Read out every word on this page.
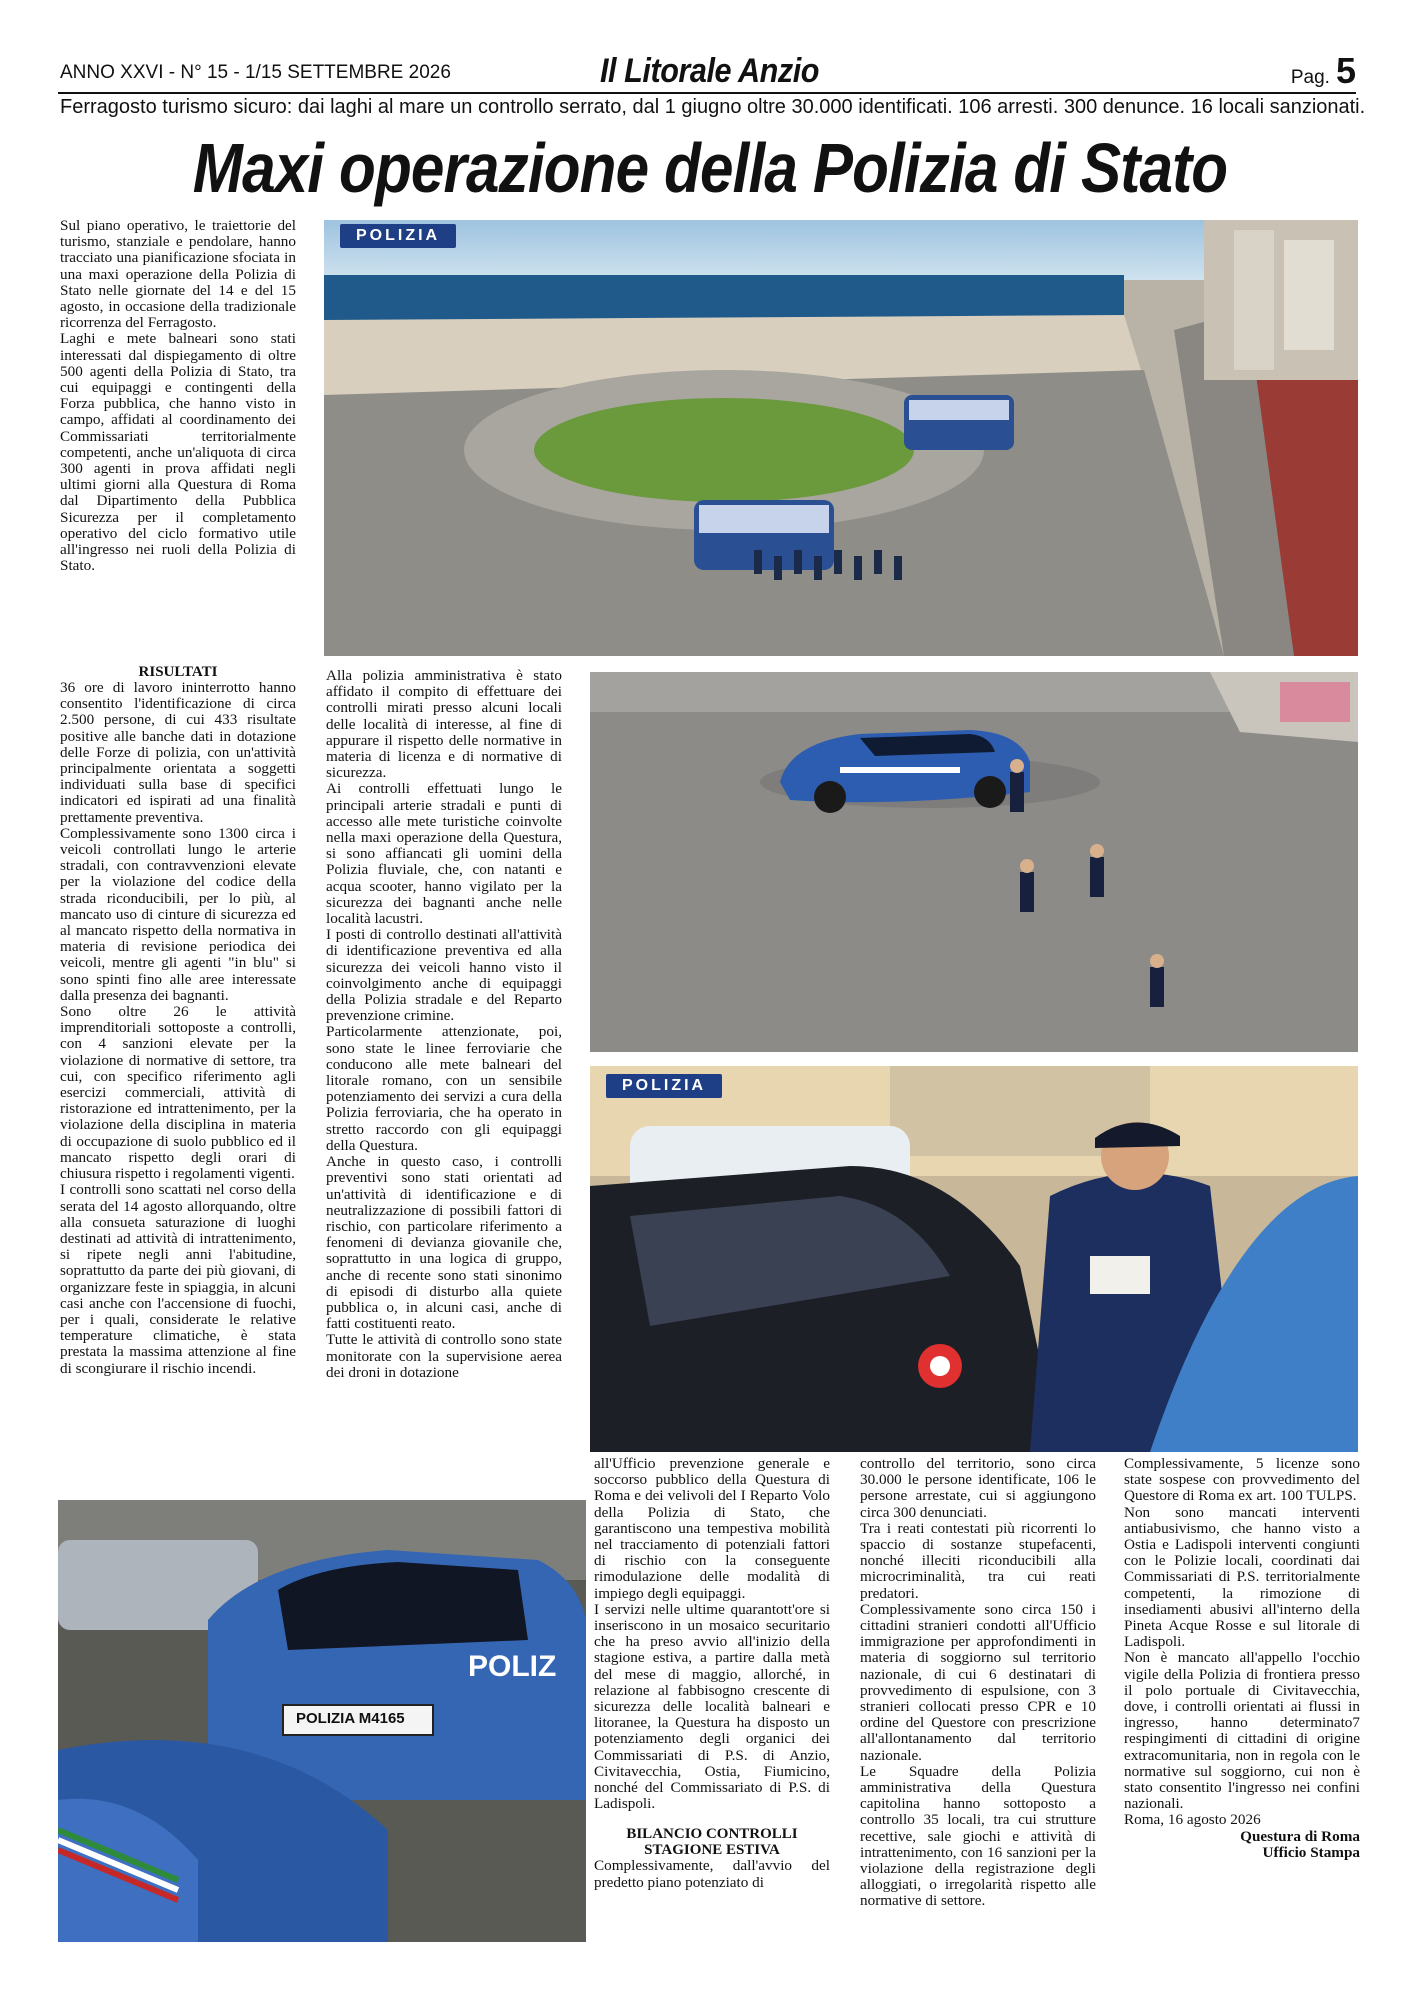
ANNO XXVI - N° 15 - 1/15 SETTEMBRE 2026	Il Litorale Anzio	Pag. 5
Ferragosto turismo sicuro: dai laghi al mare un controllo serrato, dal 1 giugno oltre 30.000 identificati. 106 arresti. 300 denunce. 16 locali sanzionati.
Maxi operazione della Polizia di Stato

Sul piano operativo, le traiettorie del turismo, stanziale e pendolare, hanno tracciato una pianificazione sfociata in una maxi operazione della Polizia di Stato nelle giornate del 14 e del 15 agosto, in occasione della tradizionale ricorrenza del Ferragosto.

Laghi e mete balneari sono stati interessati dal dispiegamento di oltre 500 agenti della Polizia di Stato, tra cui equipaggi e contingenti della Forza pubblica, che hanno visto in campo, affidati al coordinamento dei Commissariati territorialmente competenti, anche un'aliquota di circa 300 agenti in prova affidati negli ultimi giorni alla Questura di Roma dal Dipartimento della Pubblica Sicurezza per il completamento operativo del ciclo formativo utile all'ingresso nei ruoli della Polizia di Stato.

POLIZIA
RISULTATI

36 ore di lavoro ininterrotto hanno consentito l'identificazione di circa 2.500 persone, di cui 433 risultate positive alle banche dati in dotazione delle Forze di polizia, con un'attività principalmente orientata a soggetti individuati sulla base di specifici indicatori ed ispirati ad una finalità prettamente preventiva.

Complessivamente sono 1300 circa i veicoli controllati lungo le arterie stradali, con contravvenzioni elevate per la violazione del codice della strada riconducibili, per lo più, al mancato uso di cinture di sicurezza ed al mancato rispetto della normativa in materia di revisione periodica dei veicoli, mentre gli agenti "in blu" si sono spinti fino alle aree interessate dalla presenza dei bagnanti.

Sono oltre 26 le attività imprenditoriali sottoposte a controlli, con 4 sanzioni elevate per la violazione di normative di settore, tra cui, con specifico riferimento agli esercizi commerciali, attività di ristorazione ed intrattenimento, per la violazione della disciplina in materia di occupazione di suolo pubblico ed il mancato rispetto degli orari di chiusura rispetto i regolamenti vigenti.

I controlli sono scattati nel corso della serata del 14 agosto allorquando, oltre alla consueta saturazione di luoghi destinati ad attività di intrattenimento, si ripete negli anni l'abitudine, soprattutto da parte dei più giovani, di organizzare feste in spiaggia, in alcuni casi anche con l'accensione di fuochi, per i quali, considerate le relative temperature climatiche, è stata prestata la massima attenzione al fine di scongiurare il rischio incendi.

Alla polizia amministrativa è stato affidato il compito di effettuare dei controlli mirati presso alcuni locali delle località di interesse, al fine di appurare il rispetto delle normative in materia di licenza e di normative di sicurezza.

Ai controlli effettuati lungo le principali arterie stradali e punti di accesso alle mete turistiche coinvolte nella maxi operazione della Questura, si sono affiancati gli uomini della Polizia fluviale, che, con natanti e acqua scooter, hanno vigilato per la sicurezza dei bagnanti anche nelle località lacustri.

I posti di controllo destinati all'attività di identificazione preventiva ed alla sicurezza dei veicoli hanno visto il coinvolgimento anche di equipaggi della Polizia stradale e del Reparto prevenzione crimine.

Particolarmente attenzionate, poi, sono state le linee ferroviarie che conducono alle mete balneari del litorale romano, con un sensibile potenziamento dei servizi a cura della Polizia ferroviaria, che ha operato in stretto raccordo con gli equipaggi della Questura.

Anche in questo caso, i controlli preventivi sono stati orientati ad un'attività di identificazione e di neutralizzazione di possibili fattori di rischio, con particolare riferimento a fenomeni di devianza giovanile che, soprattutto in una logica di gruppo, anche di recente sono stati sinonimo di episodi di disturbo alla quiete pubblica o, in alcuni casi, anche di fatti costituenti reato.

Tutte le attività di controllo sono state monitorate con la supervisione aerea dei droni in dotazione

POLIZIA
POLIZIA M4165
POLIZ

all'Ufficio prevenzione generale e soccorso pubblico della Questura di Roma e dei velivoli del I Reparto Volo della Polizia di Stato, che garantiscono una tempestiva mobilità nel tracciamento di potenziali fattori di rischio con la conseguente rimodulazione delle modalità di impiego degli equipaggi.

I servizi nelle ultime quarantott'ore si inseriscono in un mosaico securitario che ha preso avvio all'inizio della stagione estiva, a partire dalla metà del mese di maggio, allorché, in relazione al fabbisogno crescente di sicurezza delle località balneari e litoranee, la Questura ha disposto un potenziamento degli organici dei Commissariati di P.S. di Anzio, Civitavecchia, Ostia, Fiumicino, nonché del Commissariato di P.S. di Ladispoli.

BILANCIO CONTROLLI STAGIONE ESTIVA

Complessivamente, dall'avvio del predetto piano potenziato di

controllo del territorio, sono circa 30.000 le persone identificate, 106 le persone arrestate, cui si aggiungono circa 300 denunciati.

Tra i reati contestati più ricorrenti lo spaccio di sostanze stupefacenti, nonché illeciti riconducibili alla microcriminalità, tra cui reati predatori.

Complessivamente sono circa 150 i cittadini stranieri condotti all'Ufficio immigrazione per approfondimenti in materia di soggiorno sul territorio nazionale, di cui 6 destinatari di provvedimento di espulsione, con 3 stranieri collocati presso CPR e 10 ordine del Questore con prescrizione all'allontanamento dal territorio nazionale.

Le Squadre della Polizia amministrativa della Questura capitolina hanno sottoposto a controllo 35 locali, tra cui strutture recettive, sale giochi e attività di intrattenimento, con 16 sanzioni per la violazione della registrazione degli alloggiati, o irregolarità rispetto alle normative di settore.

Complessivamente, 5 licenze sono state sospese con provvedimento del Questore di Roma ex art. 100 TULPS.

Non sono mancati interventi antiabusivismo, che hanno visto a Ostia e Ladispoli interventi congiunti con le Polizie locali, coordinati dai Commissariati di P.S. territorialmente competenti, la rimozione di insediamenti abusivi all'interno della Pineta Acque Rosse e sul litorale di Ladispoli.

Non è mancato all'appello l'occhio vigile della Polizia di frontiera presso il polo portuale di Civitavecchia, dove, i controlli orientati ai flussi in ingresso, hanno determinato7 respingimenti di cittadini di origine extracomunitaria, non in regola con le normative sul soggiorno, cui non è stato consentito l'ingresso nei confini nazionali.

Roma, 16 agosto 2026

Questura di Roma
Ufficio Stampa
